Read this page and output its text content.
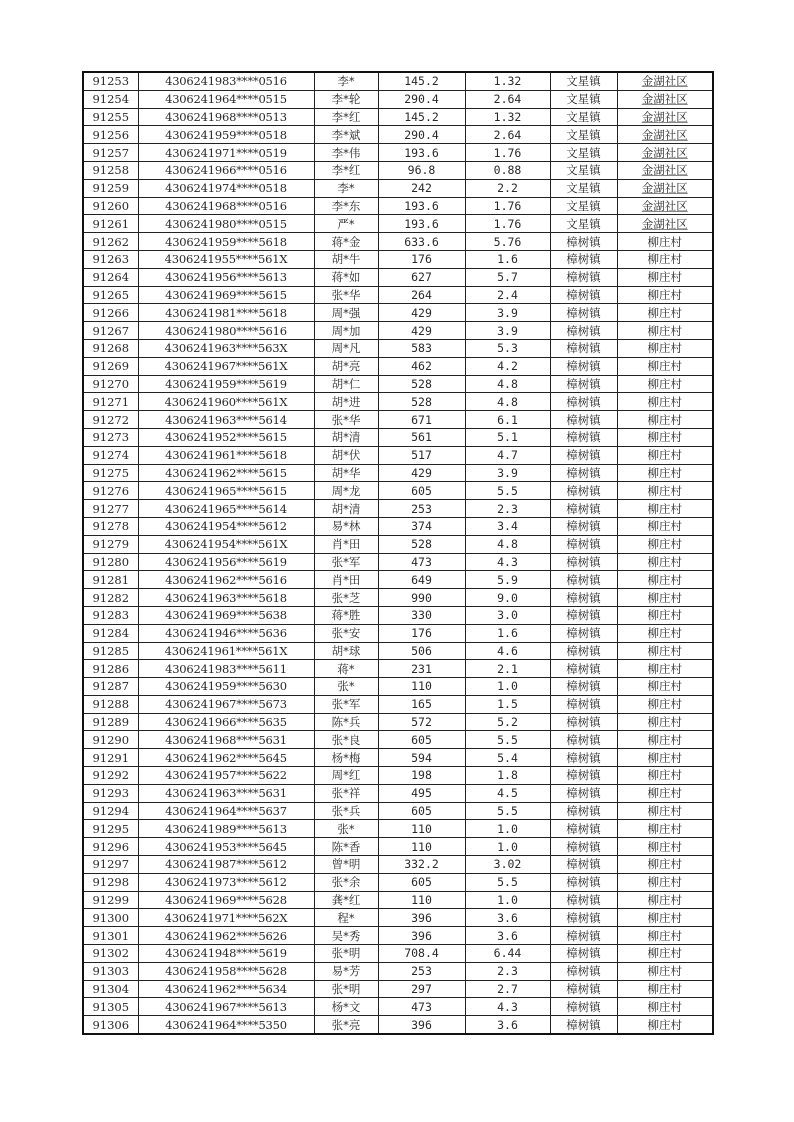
91253	4306241983****0516	李*	145.2	1.32	文星镇	金湖社区
91254	4306241964****0515	李*轮	290.4	2.64	文星镇	金湖社区
91255	4306241968****0513	李*红	145.2	1.32	文星镇	金湖社区
91256	4306241959****0518	李*斌	290.4	2.64	文星镇	金湖社区
91257	4306241971****0519	李*伟	193.6	1.76	文星镇	金湖社区
91258	4306241966****0516	李*红	96.8	0.88	文星镇	金湖社区
91259	4306241974****0518	李*	242	2.2	文星镇	金湖社区
91260	4306241968****0516	李*东	193.6	1.76	文星镇	金湖社区
91261	4306241980****0515	严*	193.6	1.76	文星镇	金湖社区
91262	4306241959****5618	蒋*金	633.6	5.76	樟树镇	柳庄村
91263	4306241955****561X	胡*牛	176	1.6	樟树镇	柳庄村
91264	4306241956****5613	蒋*如	627	5.7	樟树镇	柳庄村
91265	4306241969****5615	张*华	264	2.4	樟树镇	柳庄村
91266	4306241981****5618	周*强	429	3.9	樟树镇	柳庄村
91267	4306241980****5616	周*加	429	3.9	樟树镇	柳庄村
91268	4306241963****563X	周*凡	583	5.3	樟树镇	柳庄村
91269	4306241967****561X	胡*亮	462	4.2	樟树镇	柳庄村
91270	4306241959****5619	胡*仁	528	4.8	樟树镇	柳庄村
91271	4306241960****561X	胡*进	528	4.8	樟树镇	柳庄村
91272	4306241963****5614	张*华	671	6.1	樟树镇	柳庄村
91273	4306241952****5615	胡*清	561	5.1	樟树镇	柳庄村
91274	4306241961****5618	胡*伏	517	4.7	樟树镇	柳庄村
91275	4306241962****5615	胡*华	429	3.9	樟树镇	柳庄村
91276	4306241965****5615	周*龙	605	5.5	樟树镇	柳庄村
91277	4306241965****5614	胡*清	253	2.3	樟树镇	柳庄村
91278	4306241954****5612	易*林	374	3.4	樟树镇	柳庄村
91279	4306241954****561X	肖*田	528	4.8	樟树镇	柳庄村
91280	4306241956****5619	张*军	473	4.3	樟树镇	柳庄村
91281	4306241962****5616	肖*田	649	5.9	樟树镇	柳庄村
91282	4306241963****5618	张*芝	990	9.0	樟树镇	柳庄村
91283	4306241969****5638	蒋*胜	330	3.0	樟树镇	柳庄村
91284	4306241946****5636	张*安	176	1.6	樟树镇	柳庄村
91285	4306241961****561X	胡*球	506	4.6	樟树镇	柳庄村
91286	4306241983****5611	蒋*	231	2.1	樟树镇	柳庄村
91287	4306241959****5630	张*	110	1.0	樟树镇	柳庄村
91288	4306241967****5673	张*军	165	1.5	樟树镇	柳庄村
91289	4306241966****5635	陈*兵	572	5.2	樟树镇	柳庄村
91290	4306241968****5631	张*良	605	5.5	樟树镇	柳庄村
91291	4306241962****5645	杨*梅	594	5.4	樟树镇	柳庄村
91292	4306241957****5622	周*红	198	1.8	樟树镇	柳庄村
91293	4306241963****5631	张*祥	495	4.5	樟树镇	柳庄村
91294	4306241964****5637	张*兵	605	5.5	樟树镇	柳庄村
91295	4306241989****5613	张*	110	1.0	樟树镇	柳庄村
91296	4306241953****5645	陈*香	110	1.0	樟树镇	柳庄村
91297	4306241987****5612	曾*明	332.2	3.02	樟树镇	柳庄村
91298	4306241973****5612	张*余	605	5.5	樟树镇	柳庄村
91299	4306241969****5628	龚*红	110	1.0	樟树镇	柳庄村
91300	4306241971****562X	程*	396	3.6	樟树镇	柳庄村
91301	4306241962****5626	吴*秀	396	3.6	樟树镇	柳庄村
91302	4306241948****5619	张*明	708.4	6.44	樟树镇	柳庄村
91303	4306241958****5628	易*芳	253	2.3	樟树镇	柳庄村
91304	4306241962****5634	张*明	297	2.7	樟树镇	柳庄村
91305	4306241967****5613	杨*文	473	4.3	樟树镇	柳庄村
91306	4306241964****5350	张*亮	396	3.6	樟树镇	柳庄村
